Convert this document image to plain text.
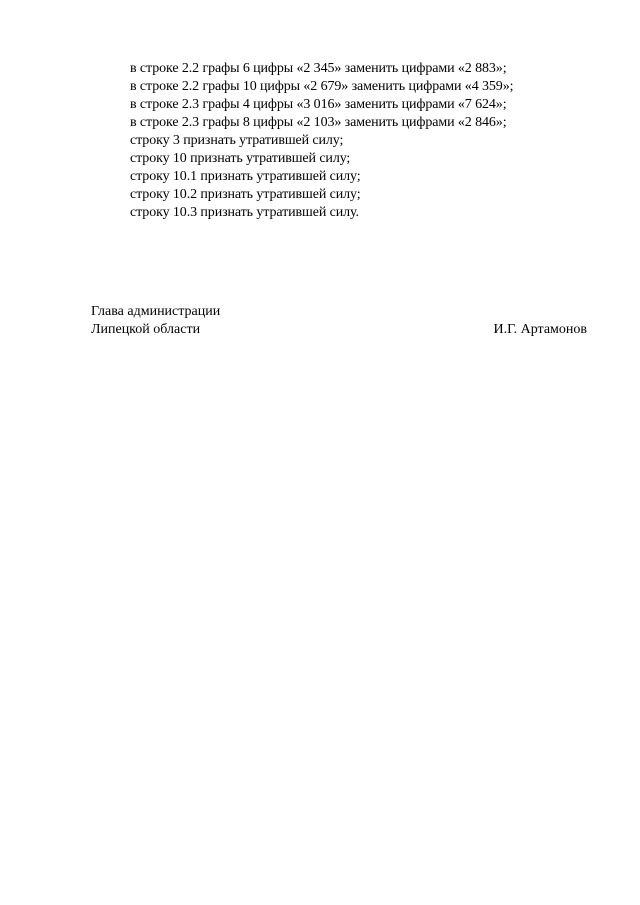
в строке 2.2 графы 6 цифры «2 345» заменить цифрами «2 883»;
в строке 2.2 графы 10 цифры «2 679» заменить цифрами «4 359»;
в строке 2.3 графы 4 цифры «3 016» заменить цифрами «7 624»;
в строке 2.3 графы 8 цифры «2 103» заменить цифрами «2 846»;
строку 3 признать утратившей силу;
строку 10 признать утратившей силу;
строку 10.1 признать утратившей силу;
строку 10.2 признать утратившей силу;
строку 10.3 признать утратившей силу.
Глава администрации
Липецкой области	И.Г. Артамонов
